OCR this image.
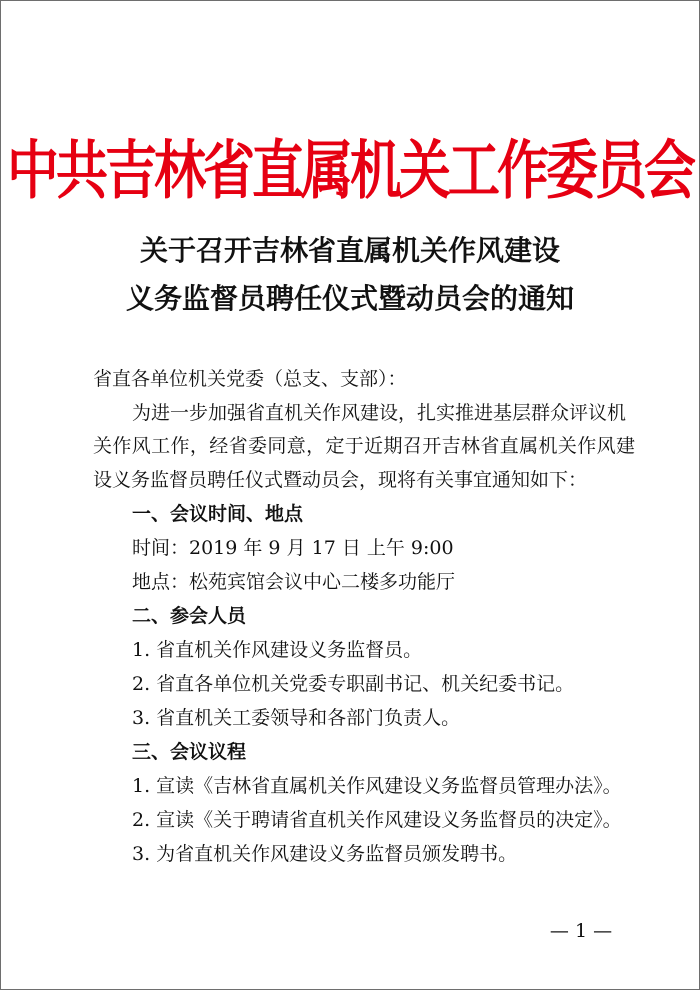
中共吉林省直属机关工作委员会
关于召开吉林省直属机关作风建设
义务监督员聘任仪式暨动员会的通知
省直各单位机关党委（总支、支部）：
为进一步加强省直机关作风建设，扎实推进基层群众评议机
关作风工作，经省委同意，定于近期召开吉林省直属机关作风建
设义务监督员聘任仪式暨动员会，现将有关事宜通知如下：
一、会议时间、地点
时间：2019 年 9 月 17 日 上午 9:00
地点：松苑宾馆会议中心二楼多功能厅
二、参会人员
1. 省直机关作风建设义务监督员。
2. 省直各单位机关党委专职副书记、机关纪委书记。
3. 省直机关工委领导和各部门负责人。
三、会议议程
1. 宣读《吉林省直属机关作风建设义务监督员管理办法》。
2. 宣读《关于聘请省直机关作风建设义务监督员的决定》。
3. 为省直机关作风建设义务监督员颁发聘书。
— 1 —
